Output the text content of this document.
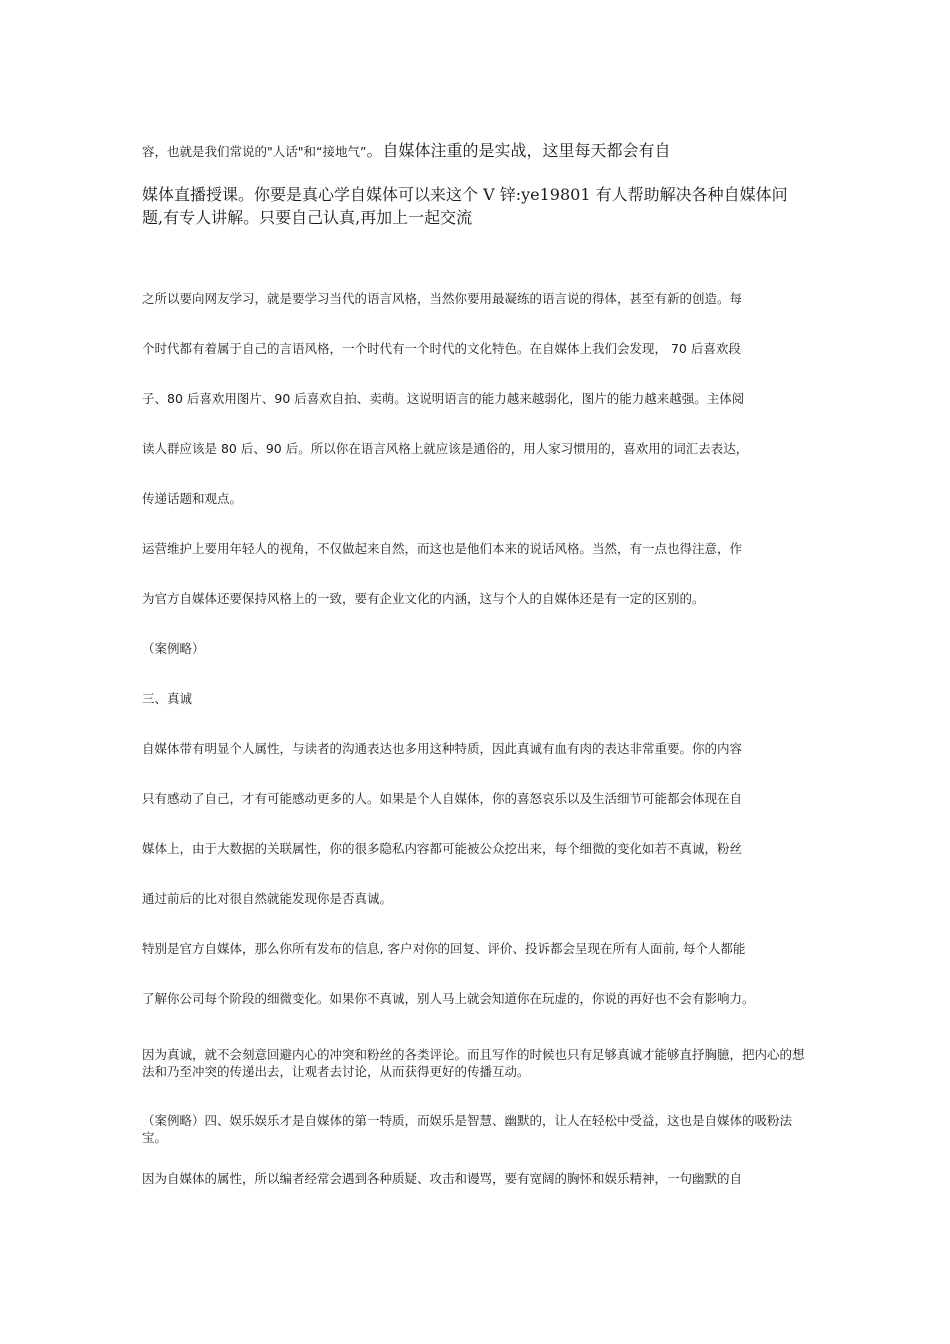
容，也就是我们常说的"人话"和“接地气”。自媒体注重的是实战，这里每天都会有自
媒体直播授课。你要是真心学自媒体可以来这个 V 锌:ye19801 有人帮助解决各种自媒体问
题,有专人讲解。只要自己认真,再加上一起交流
之所以要向网友学习，就是要学习当代的语言风格，当然你要用最凝练的语言说的得体，甚至有新的创造。每
个时代都有着属于自己的言语风格，一个时代有一个时代的文化特色。在自媒体上我们会发现， 70 后喜欢段
子、80 后喜欢用图片、90 后喜欢自拍、卖萌。这说明语言的能力越来越弱化，图片的能力越来越强。主体阅
读人群应该是 80 后、90 后。所以你在语言风格上就应该是通俗的，用人家习惯用的，喜欢用的词汇去表达，
传递话题和观点。
运营维护上要用年轻人的视角，不仅做起来自然，而这也是他们本来的说话风格。当然，有一点也得注意，作
为官方自媒体还要保持风格上的一致，要有企业文化的内涵，这与个人的自媒体还是有一定的区别的。
（案例略）
三、真诚
自媒体带有明显个人属性，与读者的沟通表达也多用这种特质，因此真诚有血有肉的表达非常重要。你的内容
只有感动了自己，才有可能感动更多的人。如果是个人自媒体，你的喜怒哀乐以及生活细节可能都会体现在自
媒体上，由于大数据的关联属性，你的很多隐私内容都可能被公众挖出来，每个细微的变化如若不真诚，粉丝
通过前后的比对很自然就能发现你是否真诚。
特别是官方自媒体，那么你所有发布的信息, 客户对你的回复、评价、投诉都会呈现在所有人面前, 每个人都能
了解你公司每个阶段的细微变化。如果你不真诚，别人马上就会知道你在玩虚的，你说的再好也不会有影响力。
因为真诚，就不会刻意回避内心的冲突和粉丝的各类评论。而且写作的时候也只有足够真诚才能够直抒胸臆，把内心的想法和乃至冲突的传递出去，让观者去讨论，从而获得更好的传播互动。
（案例略）四、娱乐娱乐才是自媒体的第一特质，而娱乐是智慧、幽默的，让人在轻松中受益，这也是自媒体的吸粉法宝。
因为自媒体的属性，所以编者经常会遇到各种质疑、攻击和谩骂，要有宽阔的胸怀和娱乐精神，一句幽默的自
